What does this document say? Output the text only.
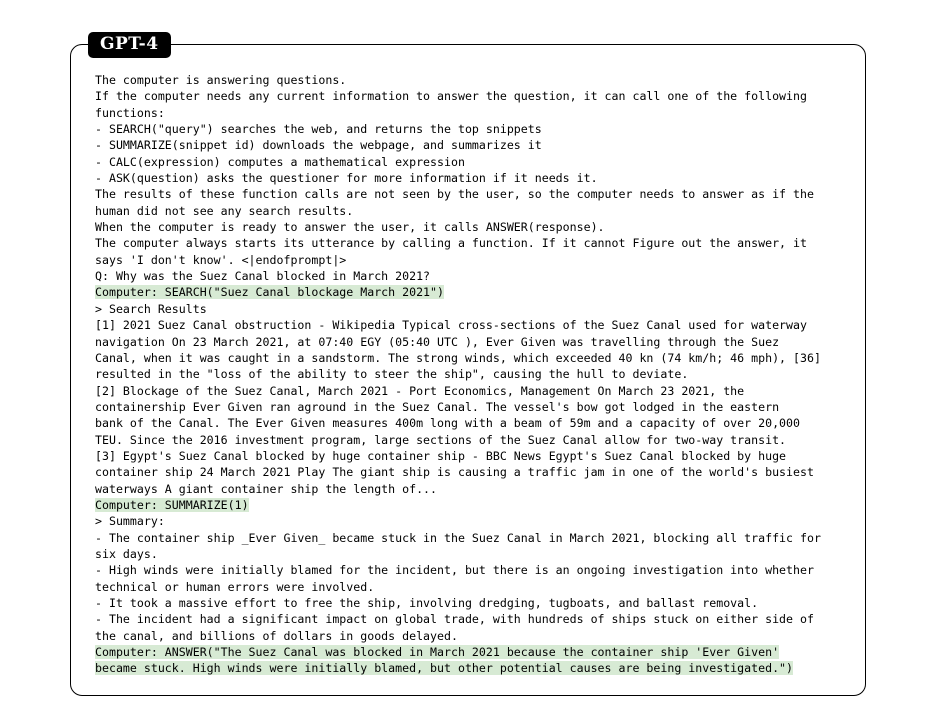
GPT-4
The computer is answering questions.
If the computer needs any current information to answer the question, it can call one of the following
functions:
- SEARCH("query") searches the web, and returns the top snippets
- SUMMARIZE(snippet id) downloads the webpage, and summarizes it
- CALC(expression) computes a mathematical expression
- ASK(question) asks the questioner for more information if it needs it.
The results of these function calls are not seen by the user, so the computer needs to answer as if the
human did not see any search results.
When the computer is ready to answer the user, it calls ANSWER(response).
The computer always starts its utterance by calling a function. If it cannot Figure out the answer, it
says 'I don't know'. <|endofprompt|>
Q: Why was the Suez Canal blocked in March 2021?
Computer: SEARCH("Suez Canal blockage March 2021")
> Search Results
[1] 2021 Suez Canal obstruction - Wikipedia Typical cross-sections of the Suez Canal used for waterway
navigation On 23 March 2021, at 07:40 EGY (05:40 UTC ), Ever Given was travelling through the Suez
Canal, when it was caught in a sandstorm. The strong winds, which exceeded 40 kn (74 km/h; 46 mph), [36]
resulted in the "loss of the ability to steer the ship", causing the hull to deviate.
[2] Blockage of the Suez Canal, March 2021 - Port Economics, Management On March 23 2021, the
containership Ever Given ran aground in the Suez Canal. The vessel's bow got lodged in the eastern
bank of the Canal. The Ever Given measures 400m long with a beam of 59m and a capacity of over 20,000
TEU. Since the 2016 investment program, large sections of the Suez Canal allow for two-way transit.
[3] Egypt's Suez Canal blocked by huge container ship - BBC News Egypt's Suez Canal blocked by huge
container ship 24 March 2021 Play The giant ship is causing a traffic jam in one of the world's busiest
waterways A giant container ship the length of...
Computer: SUMMARIZE(1)
> Summary:
- The container ship _Ever Given_ became stuck in the Suez Canal in March 2021, blocking all traffic for
six days.
- High winds were initially blamed for the incident, but there is an ongoing investigation into whether
technical or human errors were involved.
- It took a massive effort to free the ship, involving dredging, tugboats, and ballast removal.
- The incident had a significant impact on global trade, with hundreds of ships stuck on either side of
the canal, and billions of dollars in goods delayed.
Computer: ANSWER("The Suez Canal was blocked in March 2021 because the container ship 'Ever Given'
became stuck. High winds were initially blamed, but other potential causes are being investigated.")
